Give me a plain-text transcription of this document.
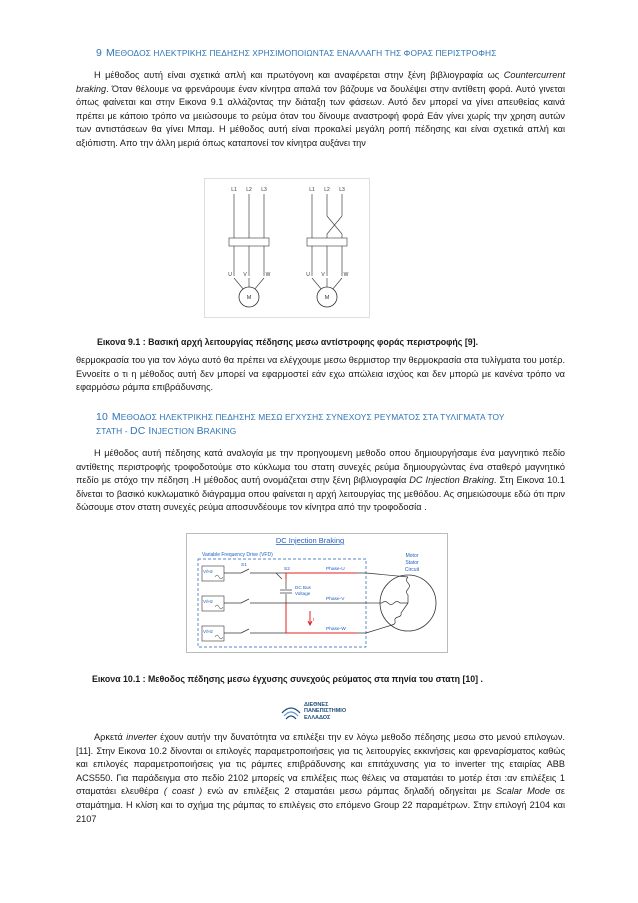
9 ΜΕΘΟΔΟΣ ΗΛΕΚΤΡΙΚΗΣ ΠΕΔΗΣΗΣ ΧΡΗΣΙΜΟΠΟΙΩΝΤΑΣ ΕΝΑΛΛΑΓΗ ΤΗΣ ΦΟΡΑΣ ΠΕΡΙΣΤΡΟΦΗΣ

Η μέθοδος αυτή είναι σχετικά απλή και πρωτόγονη και αναφέρεται στην ξένη βιβλιογραφία ως Countercurrent braking. Όταν θέλουμε να φρενάρουμε έναν κίνητρα απαλά τον βάζουμε να δουλέψει στην αντίθετη φορά. Αυτό γινεται όπως φαίνεται και στην Εικονα 9.1 αλλάζοντας την διάταξη των φάσεων. Αυτό δεν μπορεί να γίνει απευθείας καινά πρέπει με κάποιο τρόπο να μειώσουμε το ρεύμα όταν του δίνουμε αναστροφή φορά Εάν γίνει χωρίς την χρηση αυτών των αντιστάσεων θα γίνει Μπαμ. Η μέθοδος αυτή είναι προκαλεί μεγάλη ροπή πέδησης και είναι σχετικά απλή και αξιόπιστη. Απο την άλλη μεριά όπως καταπονεί τον κίνητρα αυξάνει την

L1 L2 L3	L1 L2 L3
U V	W	U V	W
M	M

Εικονα 9.1 : Βασική αρχή λειτουργίας πέδησης μεσω αντίστροφης φοράς περιστροφής [9].

θερμοκρασία του για τον λόγω αυτό θα πρέπει να ελέγχουμε μεσω θερμιστορ την θερμοκρασία στα τυλίγματα του μοτέρ. Εννοείτε ο τι η μέθοδος αυτή δεν μπορεί να εφαρμοστεί εάν εχω απώλεια ισχύος και δεν μπορώ με κανένα τρόπο να εφαρμόσω ράμπα επιβράδυνσης.

10 ΜΕΘΟΔΟΣ ΗΛΕΚΤΡΙΚΗΣ ΠΕΔΗΣΗΣ ΜΕΣΩ ΕΓΧΥΣΗΣ ΣΥΝΕΧΟΥΣ ΡΕΥΜΑΤΟΣ ΣΤΑ ΤΥΛΙΓΜΑΤΑ ΤΟΥ
ΣΤΑΤΗ - DC INJECTION BRAKING

Η μέθοδος αυτή πέδησης κατά αναλογία με την προηγουμενη μεθοδο οπου δημιουργήσαμε ένα μαγνητικό πεδίο αντίθετης περιστροφής τροφοδοτούμε στο κύκλωμα του στατη συνεχές ρεύμα δημιουργώντας ένα σταθερό μαγνητικό πεδίο με στόχο την πέδηση .Η μέθοδος αυτή ονομάζεται στην ξένη βιβλιογραφία DC Injection Braking. Στη Εικονα 10.1 δίνεται το βασικό κυκλωματικό διάγραμμα οπου φαίνεται η αρχή λειτουργίας της μεθόδου. Ας σημειώσουμε εδώ ότι πριν δώσουμε στον στατη συνεχές ρεύμα αποσυνδέουμε τον κίνητρα από την τροφοδοσία .

DC Injection Braking
Variable Frequency Drive (VFD)
V/Hz
V/Hz
V/Hz
S1
S2
DC Bus
Voltage
I
Phase-U
Phase-V
Phase-W
Motor
Stator
Circuit

Εικονα 10.1 : Μεθοδος πέδησης μεσω έγχυσης συνεχούς ρεύματος στα πηνία του στατη [10] .

ΔΙΕΘΝΕΣ
ΠΑΝΕΠΙΣΤΗΜΙΟ
ΕΛΛΑΔΟΣ

Αρκετά inverter έχουν αυτήν την δυνατότητα να επιλέξει την εν λόγω μεθοδο πέδησης μεσω στο μενού επιλογων. [11]. Στην Εικονα 10.2 δίνονται οι επιλογές παραμετροποιήσεις για τις λειτουργίες εκκινήσεις και φρεναρίσματος καθώς και επιλογές παραμετροποιήσεις για τις ράμπες επιβράδυνσης και επιτάχυνσης για το inverter της εταιρίας ABB ACS550. Για παράδειγμα στο πεδίο 2102 μπορείς να επιλέξεις πως θέλεις να σταματάει το μοτέρ έτσι :αν επιλέξεις 1 σταματάει ελευθέρα ( coast ) ενώ αν επιλέξεις 2 σταματάει μεσω ράμπας δηλαδή οδηγείται με Scalar Mode σε σταμάτημα. Η κλίση και το σχήμα της ράμπας το επιλέγεις στο επόμενο Group 22 παραμέτρων. Στην επιλογή 2104 και 2107
